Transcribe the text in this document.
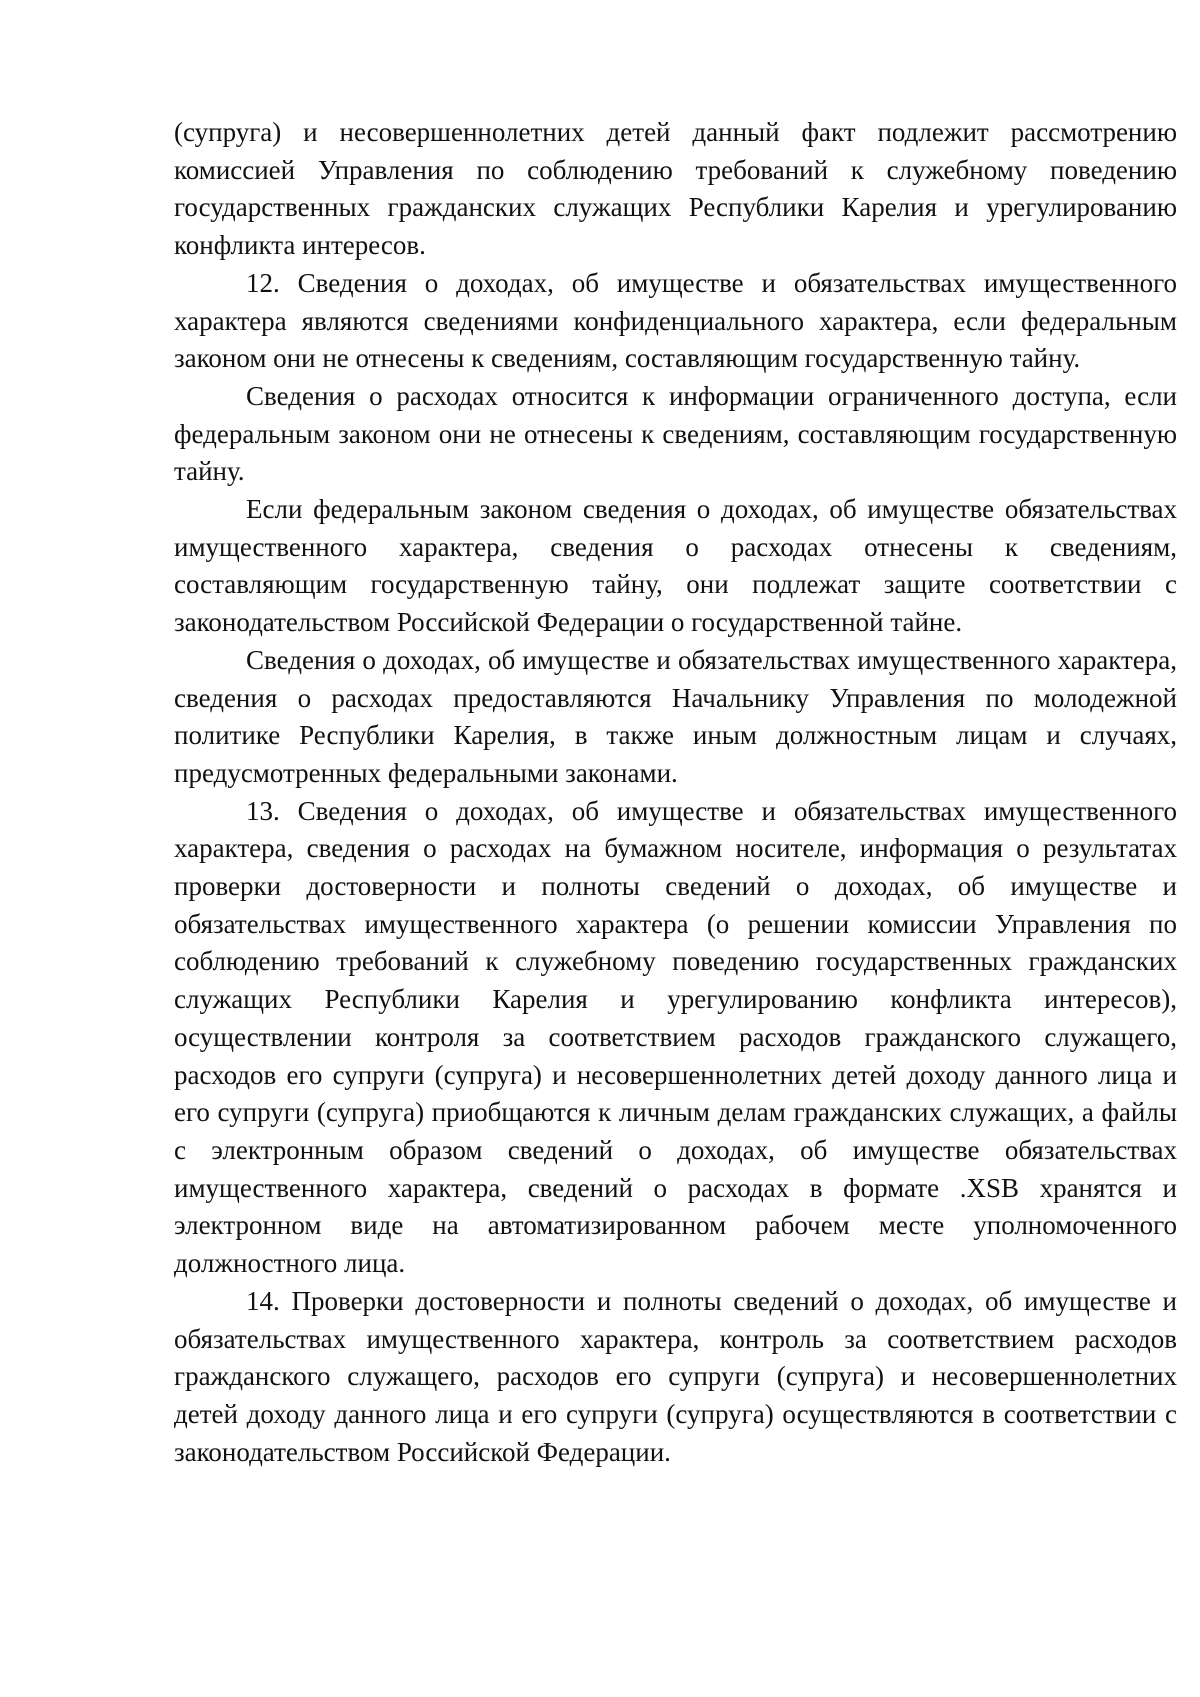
(супруга) и несовершеннолетних детей данный факт подлежит рассмотрению комиссией Управления по соблюдению требований к служебному поведению государственных гражданских служащих Республики Карелия и урегулированию конфликта интересов.

12. Сведения о доходах, об имуществе и обязательствах имущественного характера являются сведениями конфиденциального характера, если федеральным законом они не отнесены к сведениям, составляющим государственную тайну.

Сведения о расходах относится к информации ограниченного доступа, если федеральным законом они не отнесены к сведениям, составляющим государственную тайну.

Если федеральным законом сведения о доходах, об имуществе обязательствах имущественного характера, сведения о расходах отнесены к сведениям, составляющим государственную тайну, они подлежат защите соответствии с законодательством Российской Федерации о государственной тайне.

Сведения о доходах, об имуществе и обязательствах имущественного характера, сведения о расходах предоставляются Начальнику Управления по молодежной политике Республики Карелия, в также иным должностным лицам и случаях, предусмотренных федеральными законами.

13. Сведения о доходах, об имуществе и обязательствах имущественного характера, сведения о расходах на бумажном носителе, информация о результатах проверки достоверности и полноты сведений о доходах, об имуществе и обязательствах имущественного характера (о решении комиссии Управления по соблюдению требований к служебному поведению государственных гражданских служащих Республики Карелия и урегулированию конфликта интересов), осуществлении контроля за соответствием расходов гражданского служащего, расходов его супруги (супруга) и несовершеннолетних детей доходу данного лица и его супруги (супруга) приобщаются к личным делам гражданских служащих, а файлы с электронным образом сведений о доходах, об имуществе обязательствах имущественного характера, сведений о расходах в формате .XSB хранятся и электронном виде на автоматизированном рабочем месте уполномоченного должностного лица.

14. Проверки достоверности и полноты сведений о доходах, об имуществе и обязательствах имущественного характера, контроль за соответствием расходов гражданского служащего, расходов его супруги (супруга) и несовершеннолетних детей доходу данного лица и его супруги (супруга) осуществляются в соответствии с законодательством Российской Федерации.
